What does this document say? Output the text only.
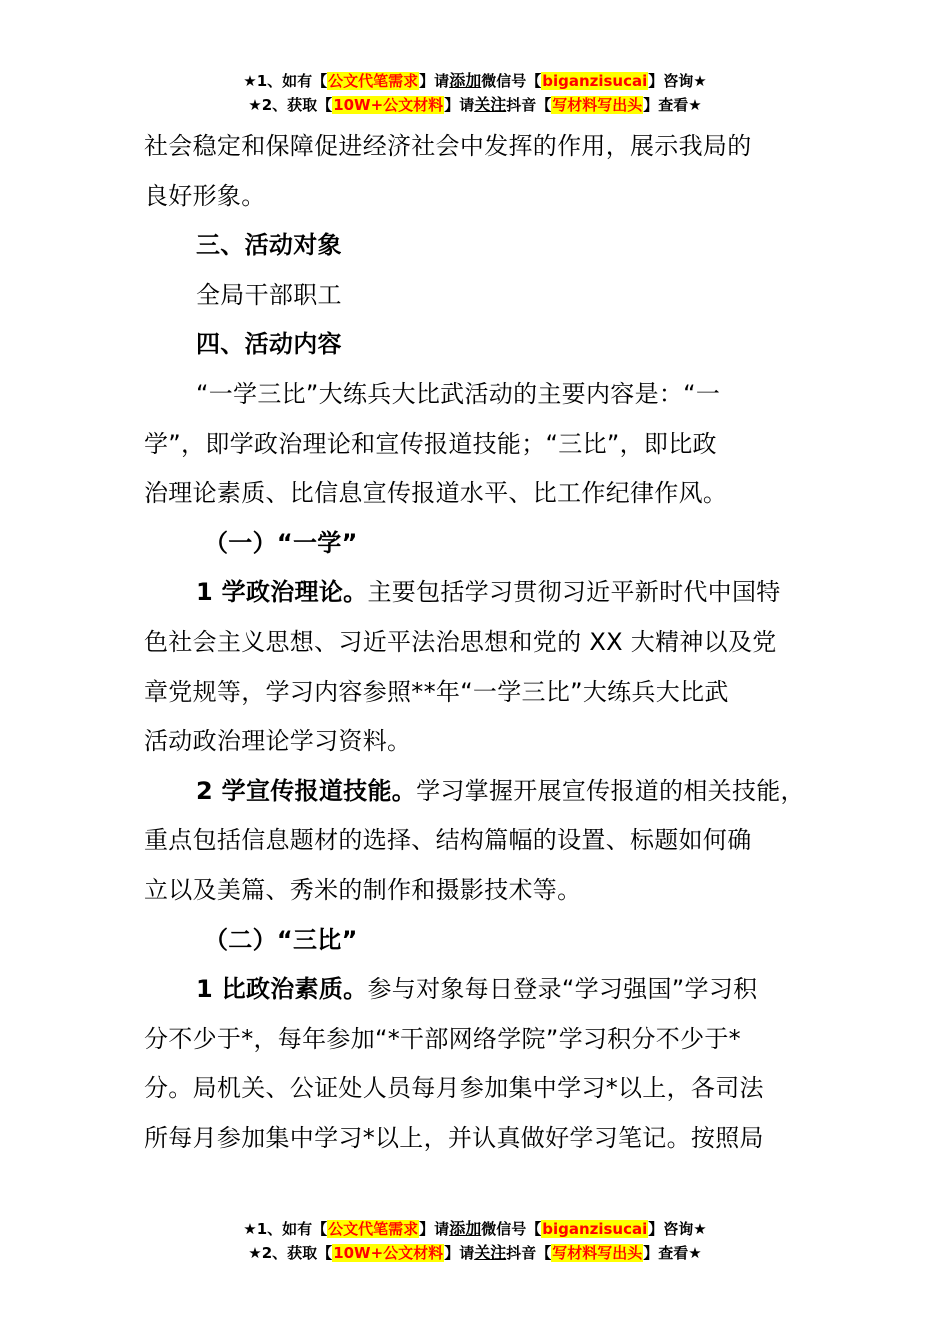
★1、如有【公文代笔需求】请添加微信号【biganzisucai】咨询★
★2、获取【10W+公文材料】请关注抖音【写材料写出头】查看★
社会稳定和保障促进经济社会中发挥的作用，展示我局的
良好形象。
三、活动对象
全局干部职工
四、活动内容
“一学三比”大练兵大比武活动的主要内容是：“一
学”，即学政治理论和宣传报道技能；“三比”，即比政
治理论素质、比信息宣传报道水平、比工作纪律作风。
（一）“一学”
1 学政治理论。主要包括学习贯彻习近平新时代中国特
色社会主义思想、习近平法治思想和党的 XX 大精神以及党
章党规等，学习内容参照**年“一学三比”大练兵大比武
活动政治理论学习资料。
2 学宣传报道技能。学习掌握开展宣传报道的相关技能，
重点包括信息题材的选择、结构篇幅的设置、标题如何确
立以及美篇、秀米的制作和摄影技术等。
（二）“三比”
1 比政治素质。参与对象每日登录“学习强国”学习积
分不少于*，每年参加“*干部网络学院”学习积分不少于*
分。局机关、公证处人员每月参加集中学习*以上，各司法
所每月参加集中学习*以上，并认真做好学习笔记。按照局
★1、如有【公文代笔需求】请添加微信号【biganzisucai】咨询★
★2、获取【10W+公文材料】请关注抖音【写材料写出头】查看★
